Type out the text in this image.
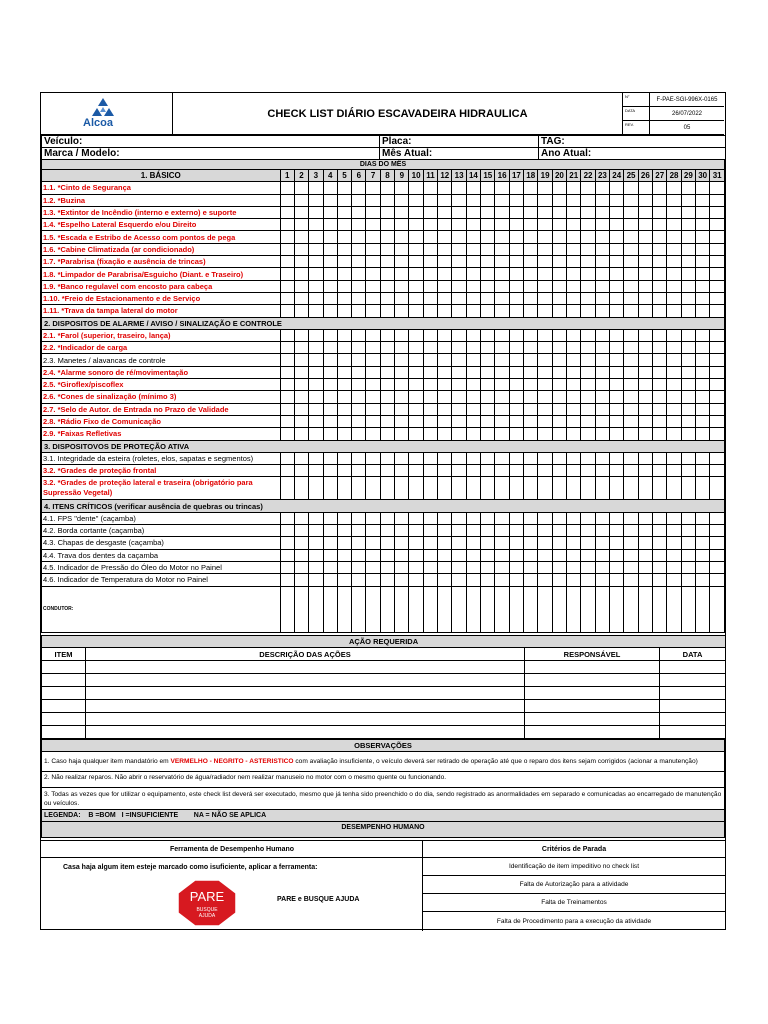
Alcoa
CHECK LIST DIÁRIO ESCAVADEIRA HIDRAULICA
N°
F-PAE-SGI-996X-0165
DATA
26/07/2022
REV.
05
Veículo:	Placa:	TAG:
Marca / Modelo:	Mês Atual:	Ano Atual:
DIAS DO MÊS																															
1. BÁSICO	1	2	3	4	5	6	7	8	9	10	11	12	13	14	15	16	17	18	19	20	21	22	23	24	25	26	27	28	29	30	31
1.1. *Cinto de Segurança																															
1.2. *Buzina																															
1.3. *Extintor de Incêndio (interno e externo) e suporte																															
1.4. *Espelho Lateral Esquerdo e/ou Direito																															
1.5. *Escada e Estribo de Acesso com pontos de pega																															
1.6. *Cabine Climatizada (ar condicionado)																															
1.7. *Parabrisa (fixação e ausência de trincas)																															
1.8. *Limpador de Parabrisa/Esguicho (Diant. e Traseiro)																															
1.9. *Banco regulavel com encosto para cabeça																															
1.10. *Freio de Estacionamento e de Serviço																															
1.11. *Trava da tampa lateral do motor																															
2. DISPOSITOS DE ALARME / AVISO / SINALIZAÇÃO E CONTROLE																															
2.1. *Farol (superior, traseiro, lança)																															
2.2. *Indicador de carga																															
2.3. Manetes / alavancas de controle																															
2.4. *Alarme sonoro de ré/movimentação																															
2.5. *Giroflex/piscoflex																															
2.6. *Cones de sinalização (mínimo 3)																															
2.7. *Selo de Autor. de Entrada no Prazo de Validade																															
2.8. *Rádio Fixo de Comunicação																															
2.9. *Faixas Refletivas																															
3. DISPOSITOVOS DE PROTEÇÃO ATIVA																															
3.1. Integridade da esteira (roletes, elos, sapatas e segmentos)																															
3.2. *Grades de proteção frontal																															
3.2. *Grades de proteção lateral e traseira (obrigatório para Supressão Vegetal)																															
4. ITENS CRÍTICOS (verificar ausência de quebras ou trincas)																															
4.1. FPS "dente" (caçamba)																															
4.2. Borda cortante (caçamba)																															
4.3. Chapas de desgaste (caçamba)																															
4.4. Trava dos dentes da caçamba																															
4.5. Indicador de Pressão do Óleo do Motor no Painel																															
4.6. Indicador de Temperatura do Motor no Painel																															
CONDUTOR:																															
AÇÃO REQUERIDA			
ITEM	DESCRIÇÃO DAS AÇÕES	RESPONSÁVEL	DATA

OBSERVAÇÕES
1. Caso haja qualquer item mandatório em VERMELHO - NEGRITO - ASTERISTICO com avaliação insuficiente, o veículo deverá ser retirado de operação até que o reparo dos itens sejam corrigidos (acionar a manutenção)
2. Não realizar reparos. Não abrir o reservatório de água/radiador nem realizar manuseio no motor com o mesmo quente ou funcionando.
3. Todas as vezes que for utilizar o equipamento, este check list deverá ser executado, mesmo que já tenha sido preenchido o do dia, sendo registrado as anormalidades em separado e comunicadas ao encarregado de manutenção ou veículos.
LEGENDA: B =BOM I =INSUFICIENTE NA = NÃO SE APLICA
DESEMPENHO HUMANO
Ferramenta de Desempenho Humano
Casa haja algum item esteje marcado como isuficiente, aplicar a ferramenta:
PARE
BUSQUE
AJUDA
PARE e BUSQUE AJUDA
Critérios de Parada
Identificação de item impeditivo no check list
Falta de Autorização para a atividade
Falta de Treinamentos
Falta de Procedimento para a execução da atividade
